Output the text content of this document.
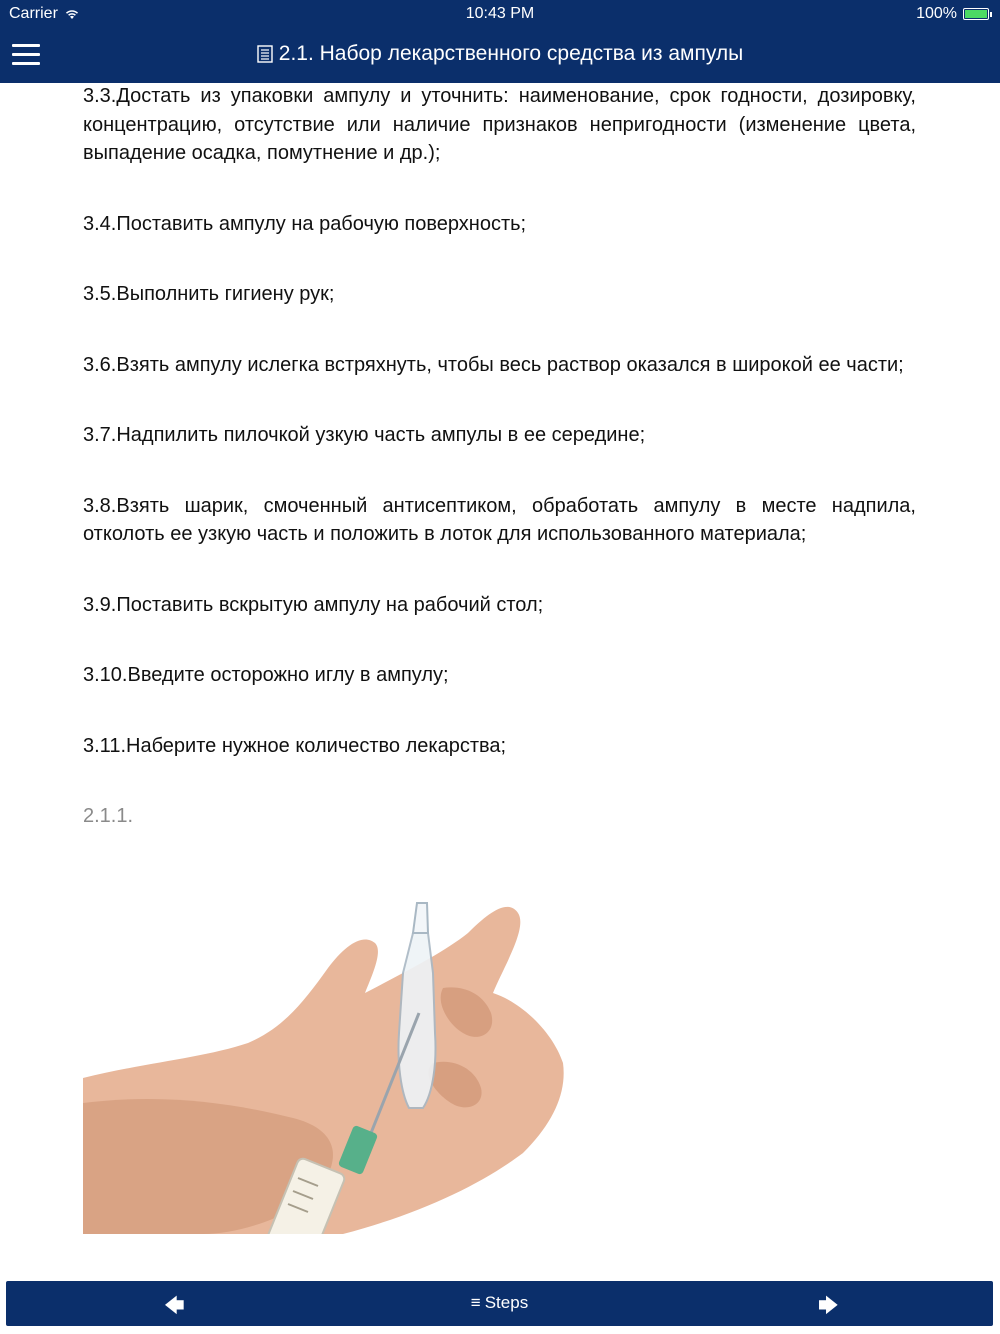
Carrier	10:43 PM	100%
2.1. Набор лекарственного средства из ампулы

3.3.Достать из упаковки ампулу и уточнить: наименование, срок годности, дозировку, концентрацию, отсутствие или наличие признаков непригодности (изменение цвета, выпадение осадка, помутнение и др.);

3.4.Поставить ампулу на рабочую поверхность;

3.5.Выполнить гигиену рук;

3.6.Взять ампулу ислегка встряхнуть, чтобы весь раствор оказался в широкой ее части;

3.7.Надпилить пилочкой узкую часть ампулы в ее середине;

3.8.Взять шарик, смоченный антисептиком, обработать ампулу в месте надпила, отколоть ее узкую часть и положить в лоток для использованного материала;

3.9.Поставить вскрытую ампулу на рабочий стол;

3.10.Введите осторожно иглу в ампулу;

3.11.Наберите нужное количество лекарства;

2.1.1.

🡄	≡ Steps	🡆
